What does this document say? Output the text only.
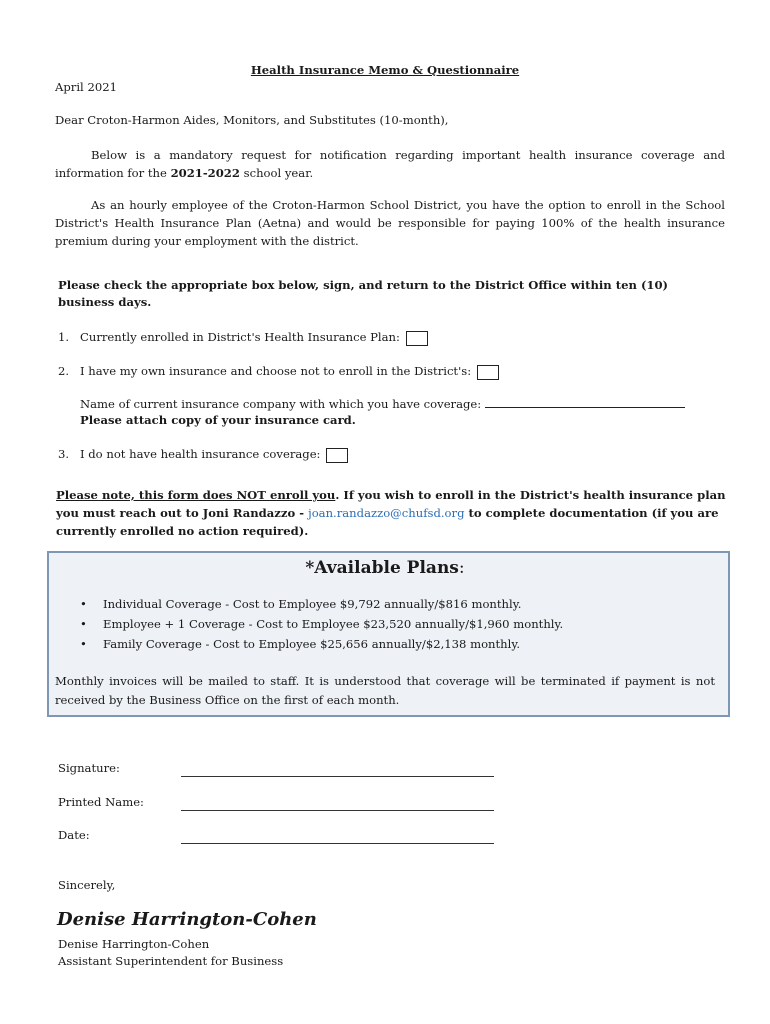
Health Insurance Memo & Questionnaire
April 2021
Dear Croton-Harmon Aides, Monitors, and Substitutes (10-month),
Below is a mandatory request for notification regarding important health insurance coverage and information for the 2021-2022 school year.
As an hourly employee of the Croton-Harmon School District, you have the option to enroll in the School District's Health Insurance Plan (Aetna) and would be responsible for paying 100% of the health insurance premium during your employment with the district.
Please check the appropriate box below, sign, and return to the District Office within ten (10) business days.
1. Currently enrolled in District's Health Insurance Plan:
2. I have my own insurance and choose not to enroll in the District's:
Name of current insurance company with which you have coverage:
Please attach copy of your insurance card.
3. I do not have health insurance coverage:
Please note, this form does NOT enroll you. If you wish to enroll in the District's health insurance plan you must reach out to Joni Randazzo - joan.randazzo@chufsd.org to complete documentation (if you are currently enrolled no action required).
*Available Plans:
• Individual Coverage - Cost to Employee $9,792 annually/$816 monthly.
• Employee + 1 Coverage - Cost to Employee $23,520 annually/$1,960 monthly.
• Family Coverage - Cost to Employee $25,656 annually/$2,138 monthly.
Monthly invoices will be mailed to staff. It is understood that coverage will be terminated if payment is not received by the Business Office on the first of each month.
Signature:
Printed Name:
Date:
Sincerely,
Denise Harrington-Cohen
Denise Harrington-Cohen
Assistant Superintendent for Business
